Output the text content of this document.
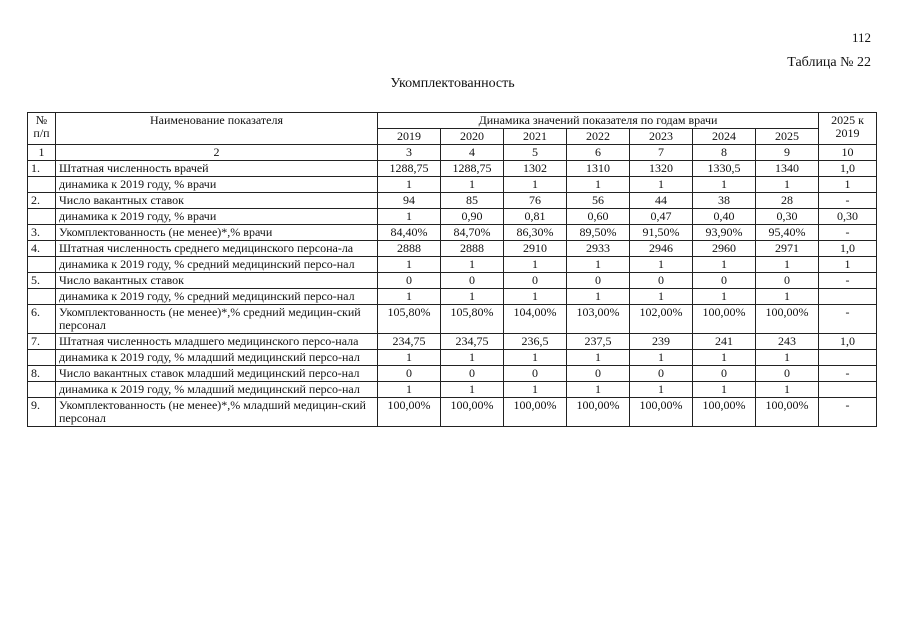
112
Таблица № 22
Укомплектованность
№ п/п	Наименование показателя	Динамика значений показателя по годам врачи							2025 к 2019
		2019	2020	2021	2022	2023	2024	2025	
1	2	3	4	5	6	7	8	9	10
1.	Штатная численность врачей	1288,75	1288,75	1302	1310	1320	1330,5	1340	1,0
	динамика к 2019 году, % врачи	1	1	1	1	1	1	1	1
2.	Число вакантных ставок	94	85	76	56	44	38	28	-
	динамика к 2019 году, % врачи	1	0,90	0,81	0,60	0,47	0,40	0,30	0,30
3.	Укомплектованность (не менее)*,% врачи	84,40%	84,70%	86,30%	89,50%	91,50%	93,90%	95,40%	-
4.	Штатная численность среднего медицинского персона-ла	2888	2888	2910	2933	2946	2960	2971	1,0
	динамика к 2019 году, % средний медицинский персо-нал	1	1	1	1	1	1	1	1
5.	Число вакантных ставок	0	0	0	0	0	0	0	-
	динамика к 2019 году, % средний медицинский персо-нал	1	1	1	1	1	1	1	
6.	Укомплектованность (не менее)*,% средний медицин-ский персонал	105,80%	105,80%	104,00%	103,00%	102,00%	100,00%	100,00%	-
7.	Штатная численность младшего медицинского персо-нала	234,75	234,75	236,5	237,5	239	241	243	1,0
	динамика к 2019 году, % младший медицинский персо-нал	1	1	1	1	1	1	1	
8.	Число вакантных ставок младший медицинский персо-нал	0	0	0	0	0	0	0	-
	динамика к 2019 году, % младший медицинский персо-нал	1	1	1	1	1	1	1	
9.	Укомплектованность (не менее)*,% младший медицин-ский персонал	100,00%	100,00%	100,00%	100,00%	100,00%	100,00%	100,00%	-
